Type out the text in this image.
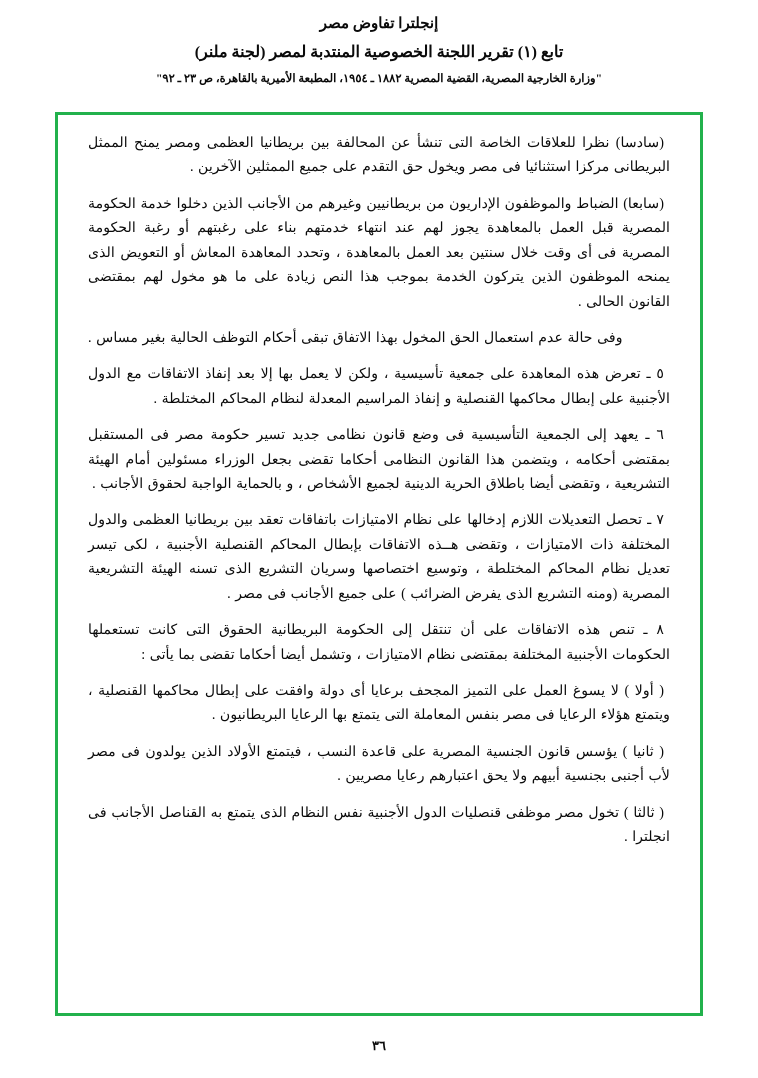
إنجلترا تفاوض مصر
تابع (١) تقرير اللجنة الخصوصية المنتدبة لمصر (لجنة ملنر)
"وزارة الخارجية المصرية، القضية المصرية ١٨٨٢ ـ ١٩٥٤، المطبعة الأميرية بالقاهرة، ص ٢٣ ـ ٩٢"

(سادسا) نظرا للعلاقات الخاصة التى تنشأ عن المحالفة بين بريطانيا العظمى ومصر يمنح الممثل البريطانى مركزا استثنائيا فى مصر ويخول حق التقدم على جميع الممثلين الآخرين .

(سابعا) الضباط والموظفون الإداريون من بريطانيين وغيرهم من الأجانب الذين دخلوا خدمة الحكومة المصرية قبل العمل بالمعاهدة يجوز لهم عند انتهاء خدمتهم بناء على رغبتهم أو رغبة الحكومة المصرية فى أى وقت خلال سنتين بعد العمل بالمعاهدة ، وتحدد المعاهدة المعاش أو التعويض الذى يمنحه الموظفون الذين يتركون الخدمة بموجب هذا النص زيادة على ما هو مخول لهم بمقتضى القانون الحالى .

وفى حالة عدم استعمال الحق المخول بهذا الاتفاق تبقى أحكام التوظف الحالية بغير مساس .

٥ ـ تعرض هذه المعاهدة على جمعية تأسيسية ، ولكن لا يعمل بها إلا بعد إنفاذ الاتفاقات مع الدول الأجنبية على إبطال محاكمها القنصلية و إنفاذ المراسيم المعدلة لنظام المحاكم المختلطة .

٦ ـ يعهد إلى الجمعية التأسيسية فى وضع قانون نظامى جديد تسير حكومة مصر فى المستقبل بمقتضى أحكامه ، ويتضمن هذا القانون النظامى أحكاما تقضى بجعل الوزراء مسئولين أمام الهيئة التشريعية ، وتقضى أيضا باطلاق الحرية الدينية لجميع الأشخاص ، و بالحماية الواجبة لحقوق الأجانب .

٧ ـ تحصل التعديلات اللازم إدخالها على نظام الامتيازات باتفاقات تعقد بين بريطانيا العظمى والدول المختلفة ذات الامتيازات ، وتقضى هــذه الاتفاقات بإبطال المحاكم القنصلية الأجنبية ، لكى تيسر تعديل نظام المحاكم المختلطة ، وتوسيع اختصاصها وسريان التشريع الذى تسنه الهيئة التشريعية المصرية (ومنه التشريع الذى يفرض الضرائب ) على جميع الأجانب فى مصر .

٨ ـ تنص هذه الاتفاقات على أن تنتقل إلى الحكومة البريطانية الحقوق التى كانت تستعملها الحكومات الأجنبية المختلفة بمقتضى نظام الامتيازات ، وتشمل أيضا أحكاما تقضى بما يأتى :

( أولا ) لا يسوغ العمل على التميز المجحف برعايا أى دولة وافقت على إبطال محاكمها القنصلية ، ويتمتع هؤلاء الرعايا فى مصر بنفس المعاملة التى يتمتع بها الرعايا البريطانيون .

( ثانيا ) يؤسس قانون الجنسية المصرية على قاعدة النسب ، فيتمتع الأولاد الذين يولدون فى مصر لأب أجنبى بجنسية أبيهم ولا يحق اعتبارهم رعايا مصريين .

( ثالثا ) تخول مصر موظفى قنصليات الدول الأجنبية نفس النظام الذى يتمتع به القناصل الأجانب فى انجلترا .

٣٦
